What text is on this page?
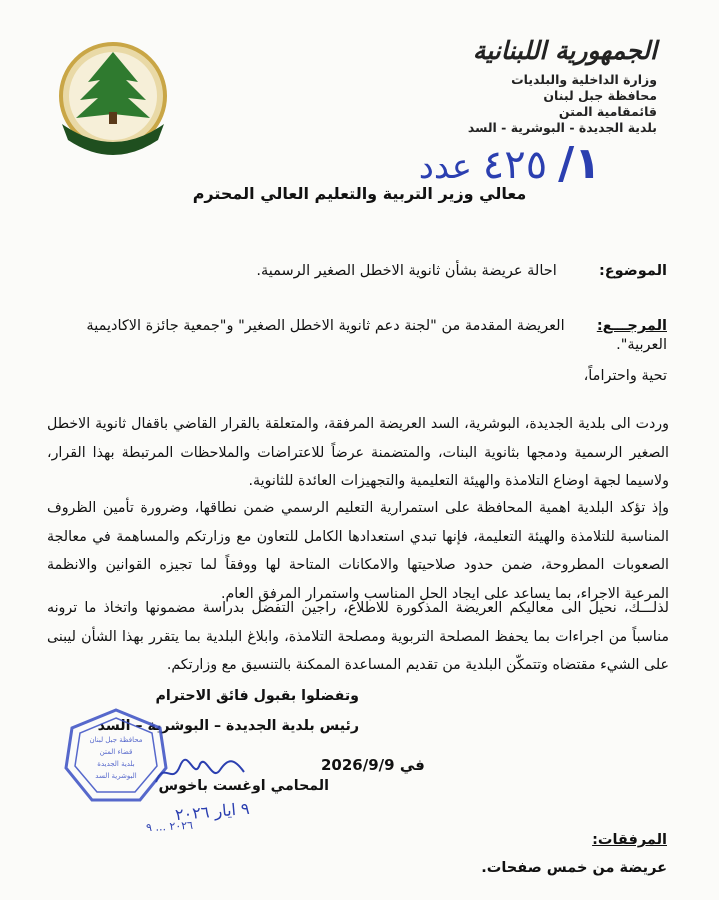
الجمهورية اللبنانية
وزارة الداخلية والبلديات
محافظة جبل لبنان
قائمقامية المتن
بلدية الجديدة - البوشرية - السد
١/ ٤٢٥ عدد
معالي وزير التربية والتعليم العالي المحترم
الموضوع:  احالة عريضة بشأن ثانوية الاخطل الصغير الرسمية.
المرجـــع:  العريضة المقدمة من "لجنة دعم ثانوية الاخطل الصغير" و"جمعية جائزة الاكاديمية العربية".
تحية واحتراماً،
وردت الى بلدية الجديدة، البوشرية، السد العريضة المرفقة، والمتعلقة بالقرار القاضي باقفال ثانوية الاخطل الصغير الرسمية ودمجها بثانوية البنات، والمتضمنة عرضاً للاعتراضات والملاحظات المرتبطة بهذا القرار، ولاسيما لجهة اوضاع التلامذة والهيئة التعليمية والتجهيزات العائدة للثانوية.
وإذ تؤكد البلدية اهمية المحافظة على استمرارية التعليم الرسمي ضمن نطاقها، وضرورة تأمين الظروف المناسبة للتلامذة والهيئة التعليمة، فإنها تبدي استعدادها الكامل للتعاون مع وزارتكم والمساهمة في معالجة الصعوبات المطروحة، ضمن حدود صلاحيتها والامكانات المتاحة لها ووفقاً لما تجيزه القوانين والانظمة المرعية الاجراء، بما يساعد على ايجاد الحل المناسب واستمرار المرفق العام.
لذلـــك، نحيل الى معاليكم العريضة المذكورة للاطلاع، راجين التفضل بدراسة مضمونها واتخاذ ما ترونه مناسباً من اجراءات بما يحفظ المصلحة التربوية ومصلحة التلامذة، وابلاغ البلدية بما يتقرر بهذا الشأن ليبنى على الشيء مقتضاه وتتمكّن البلدية من تقديم المساعدة الممكنة بالتنسيق مع وزارتكم.
وتفضلوا بقبول فائق الاحترام
رئيس بلدية الجديدة – البوشرية – السد
المحامي اوغست باخوس
في 2026/9/9
محافظة جبل لبنان
قضاء المتن
بلدية الجديدة
البوشرية السد
٩ ايار ٢٠٢٦
٢٠٢٦ ... ٩
المرفقات:
عريضة من خمس صفحات.
